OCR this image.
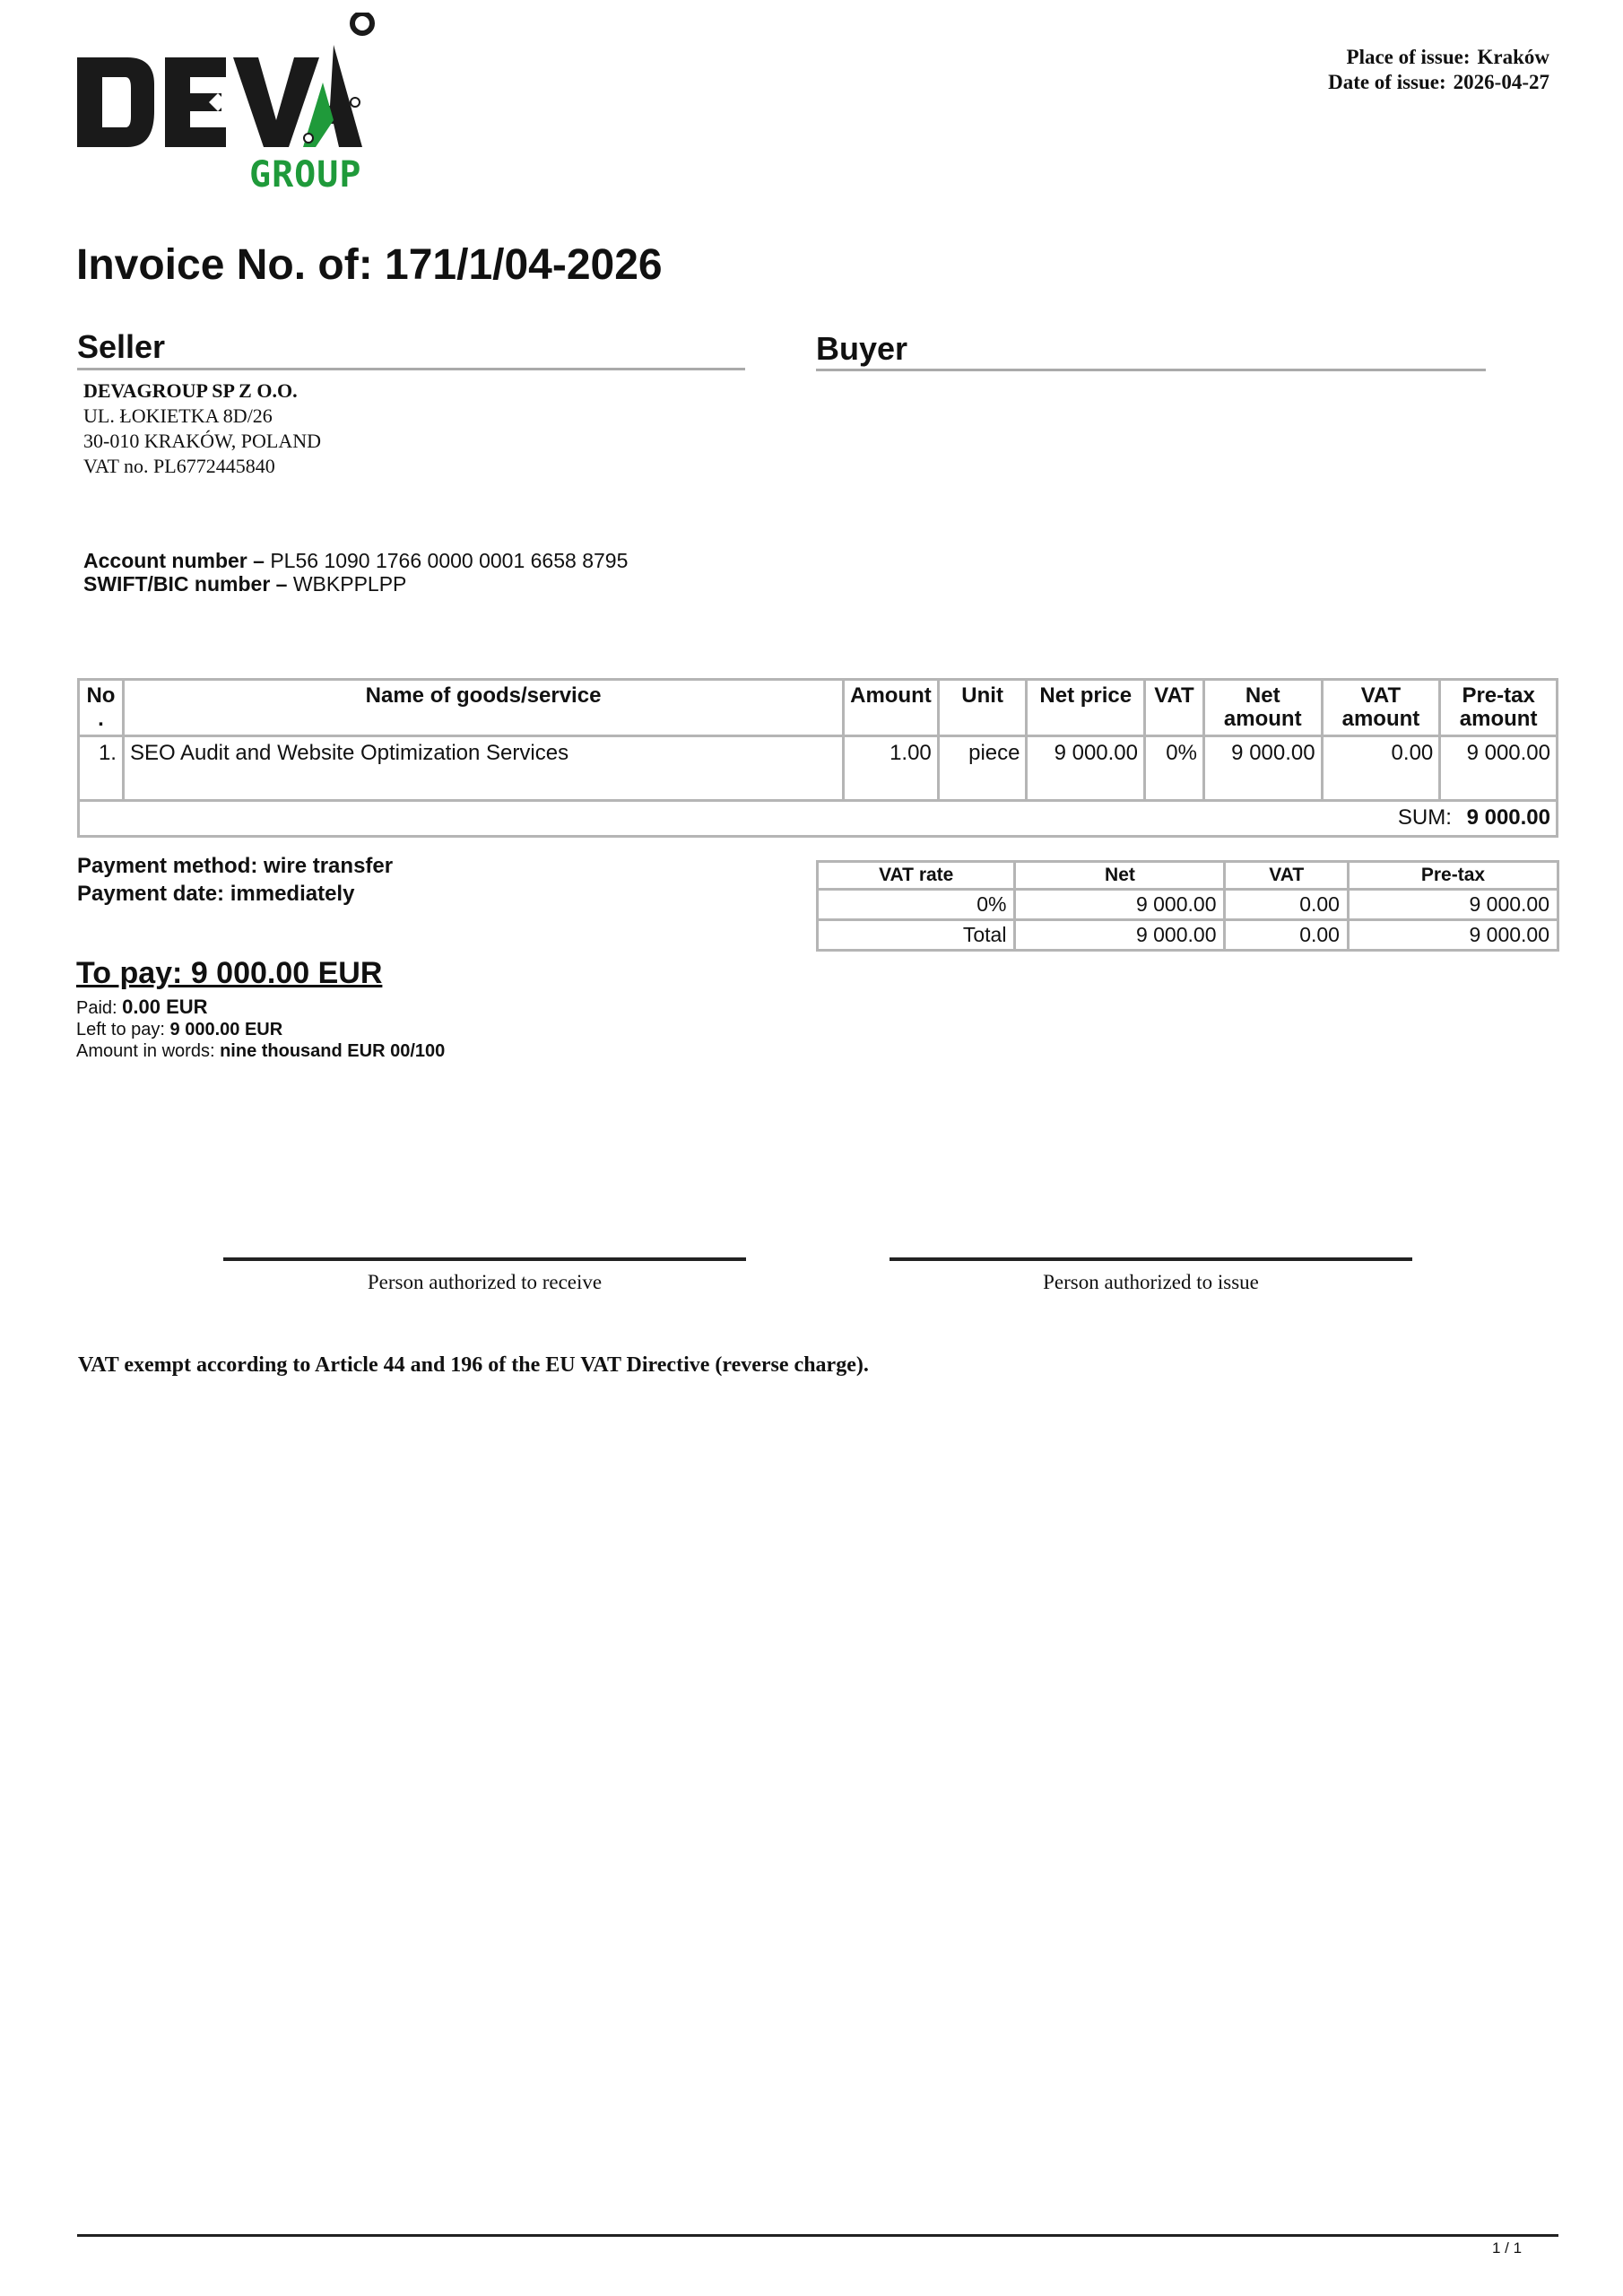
GROUP
Place of issue: Kraków
Date of issue: 2026-04-27
Invoice No. of: 171/1/04-2026
Seller	Buyer
DEVAGROUP SP Z O.O.
UL. ŁOKIETKA 8D/26
30-010 KRAKÓW, POLAND
VAT no. PL6772445840
Account number – PL56 1090 1766 0000 0001 6658 8795
SWIFT/BIC number – WBKPPLPP
No .	Name of goods/service	Amount	Unit	Net price	VAT	Net amount	VAT amount	Pre-tax amount
1.	SEO Audit and Website Optimization Services	1.00	piece	9 000.00	0%	9 000.00	0.00	9 000.00
SUM: 9 000.00								
Payment method: wire transfer
Payment date: immediately
VAT rate	Net	VAT	Pre-tax
0%	9 000.00	0.00	9 000.00
Total	9 000.00	0.00	9 000.00
To pay: 9 000.00 EUR
Paid: 0.00 EUR
Left to pay: 9 000.00 EUR
Amount in words: nine thousand EUR 00/100
Person authorized to receive	Person authorized to issue
VAT exempt according to Article 44 and 196 of the EU VAT Directive (reverse charge).
1 / 1
